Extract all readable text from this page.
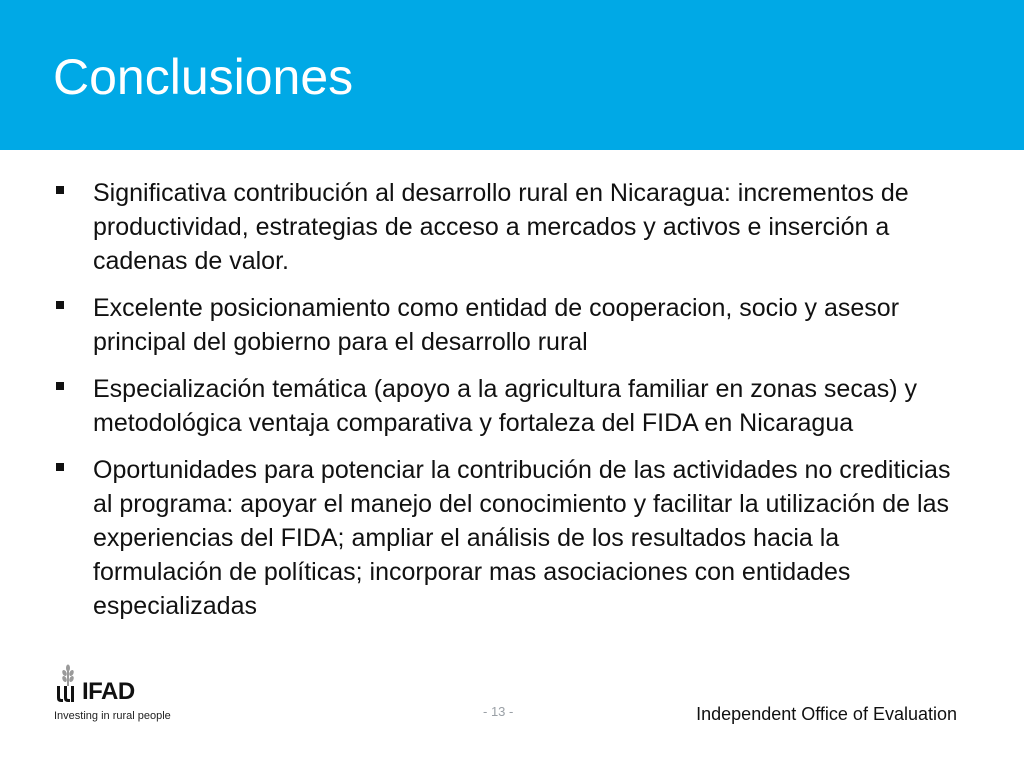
Conclusiones
Significativa contribución al desarrollo rural en Nicaragua: incrementos de productividad, estrategias de acceso a mercados y activos e inserción a cadenas de valor.
Excelente posicionamiento como entidad de cooperacion, socio y asesor principal del gobierno para el desarrollo rural
Especialización temática (apoyo a la agricultura familiar en zonas secas) y metodológica ventaja comparativa y fortaleza del FIDA en Nicaragua
Oportunidades para potenciar la contribución de las actividades no crediticias al programa: apoyar el manejo del conocimiento y facilitar la utilización de las experiencias del FIDA; ampliar el análisis de los resultados hacia la formulación de políticas; incorporar mas asociaciones con entidades especializadas
IFAD
Investing in rural people	- 13 -	Independent Office of Evaluation
